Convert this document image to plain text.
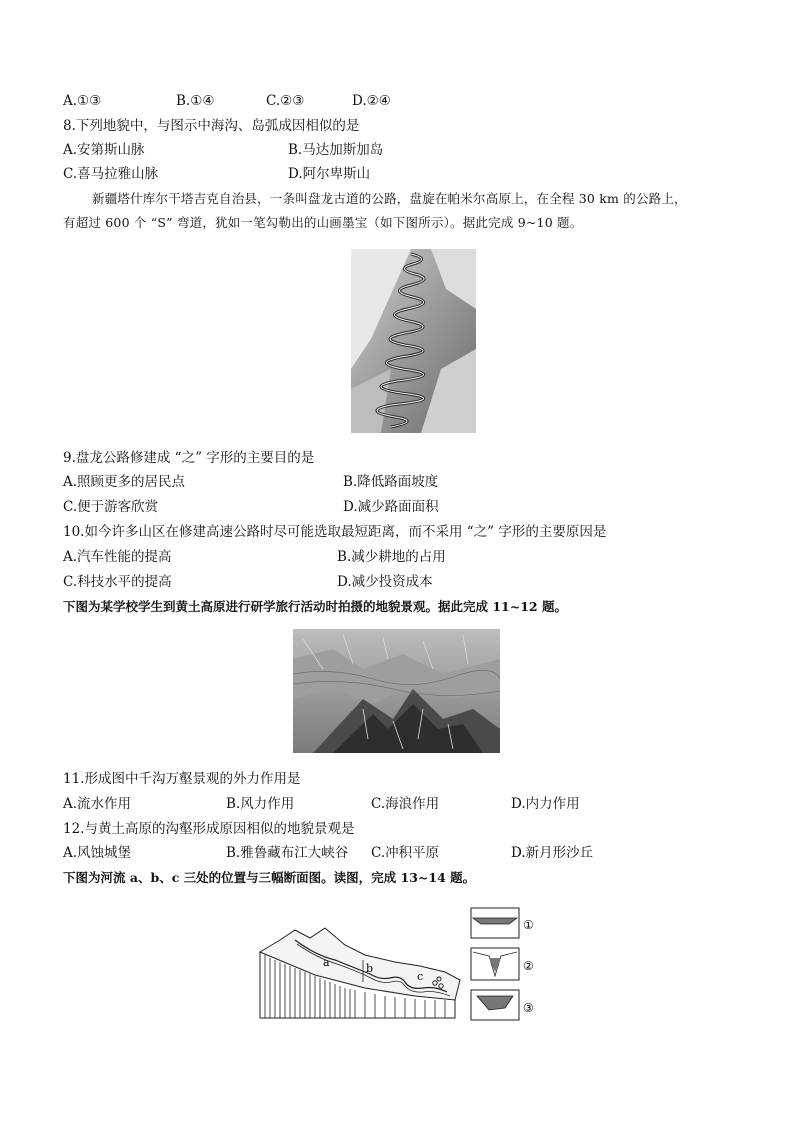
A.①③	B.①④	C.②③	D.②④
8.下列地貌中，与图示中海沟、岛弧成因相似的是
A.安第斯山脉	B.马达加斯加岛
C.喜马拉雅山脉	D.阿尔卑斯山
新疆塔什库尔干塔吉克自治县，一条叫盘龙古道的公路，盘旋在帕米尔高原上，在全程 30 km 的公路上，
有超过 600 个 “S” 弯道，犹如一笔勾勒出的山画墨宝（如下图所示）。据此完成 9~10 题。
9.盘龙公路修建成 “之” 字形的主要目的是
A.照顾更多的居民点	B.降低路面坡度
C.便于游客欣赏	D.减少路面面积
10.如今许多山区在修建高速公路时尽可能选取最短距离，而不采用 “之” 字形的主要原因是
A.汽车性能的提高	B.减少耕地的占用
C.科技水平的提高	D.减少投资成本
下图为某学校学生到黄土高原进行研学旅行活动时拍摄的地貌景观。据此完成 11~12 题。
11.形成图中千沟万壑景观的外力作用是
A.流水作用	B.风力作用	C.海浪作用	D.内力作用
12.与黄土高原的沟壑形成原因相似的地貌景观是
A.风蚀城堡	B.雅鲁藏布江大峡谷 C.冲积平原	D.新月形沙丘
下图为河流 a、b、c 三处的位置与三幅断面图。读图，完成 13~14 题。
a	b
c
①
②
③
